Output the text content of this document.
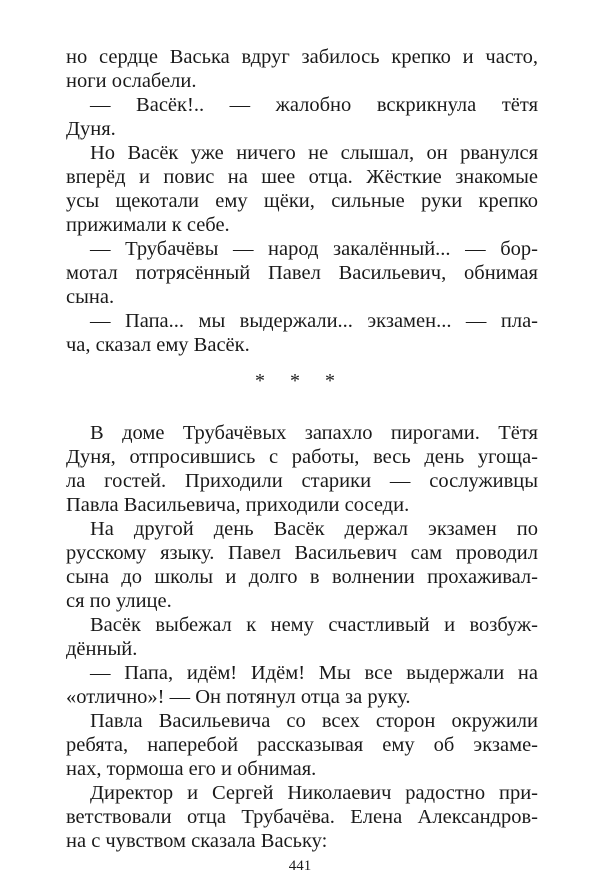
но сердце Васька вдруг забилось крепко и часто,
ноги ослабели.
— Васёк!.. — жалобно вскрикнула тётя
Дуня.
Но Васёк уже ничего не слышал, он рванулся
вперёд и повис на шее отца. Жёсткие знакомые
усы щекотали ему щёки, сильные руки крепко
прижимали к себе.
— Трубачёвы — народ закалённый... — бор-
мотал потрясённый Павел Васильевич, обнимая
сына.
— Папа... мы выдержали... экзамен... — пла-
ча, сказал ему Васёк.
В доме Трубачёвых запахло пирогами. Тётя
Дуня, отпросившись с работы, весь день угоща-
ла гостей. Приходили старики — сослуживцы
Павла Васильевича, приходили соседи.
На другой день Васёк держал экзамен по
русскому языку. Павел Васильевич сам проводил
сына до школы и долго в волнении прохаживал-
ся по улице.
Васёк выбежал к нему счастливый и возбуж-
дённый.
— Папа, идём! Идём! Мы все выдержали на
«отлично»! — Он потянул отца за руку.
Павла Васильевича со всех сторон окружили
ребята, наперебой рассказывая ему об экзаме-
нах, тормоша его и обнимая.
Директор и Сергей Николаевич радостно при-
ветствовали отца Трубачёва. Елена Александров-
на с чувством сказала Ваську:
* * *
441
